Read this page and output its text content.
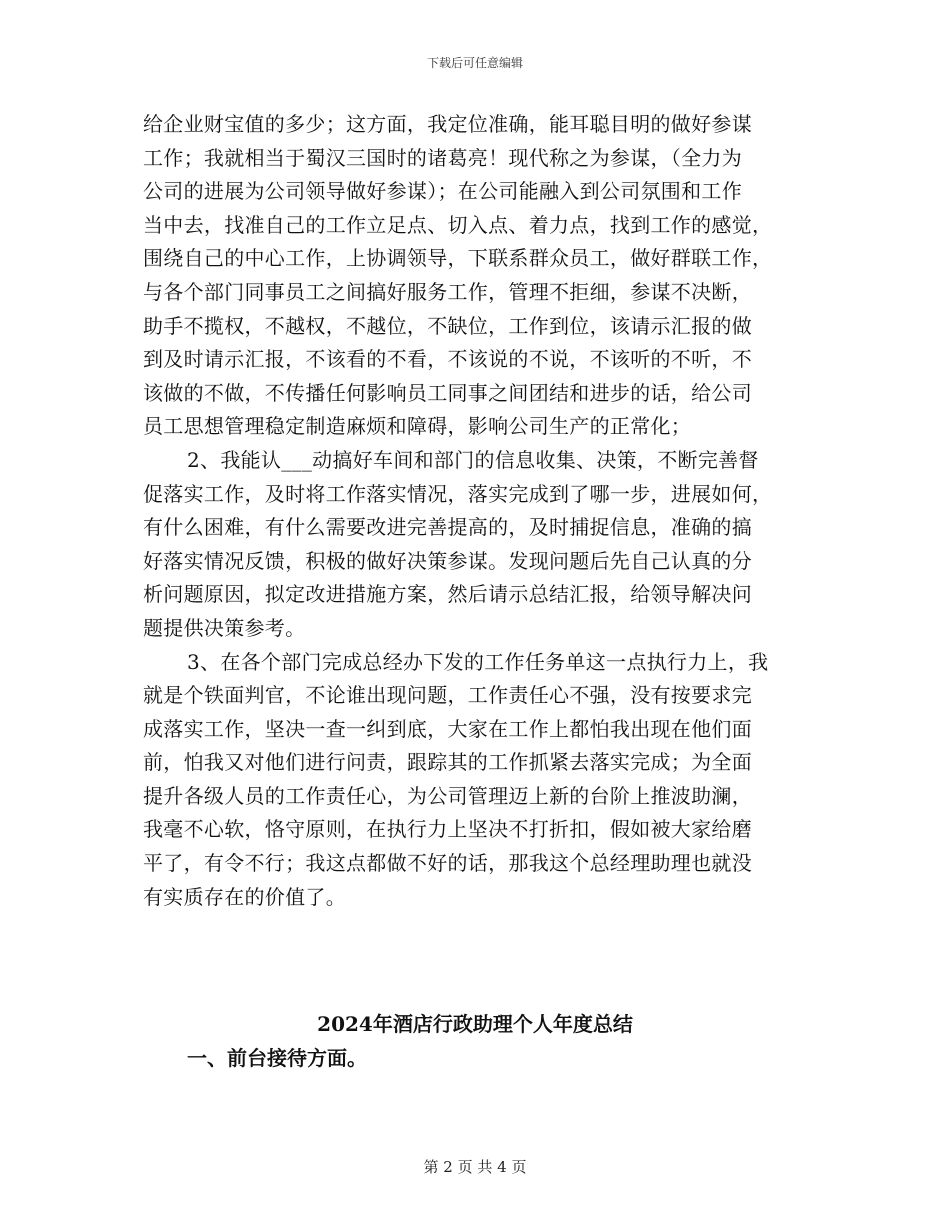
下载后可任意编辑
给企业财宝值的多少；这方面，我定位准确，能耳聪目明的做好参谋
工作；我就相当于蜀汉三国时的诸葛亮！现代称之为参谋，（全力为
公司的进展为公司领导做好参谋）；在公司能融入到公司氛围和工作
当中去，找准自己的工作立足点、切入点、着力点，找到工作的感觉，
围绕自己的中心工作，上协调领导，下联系群众员工，做好群联工作，
与各个部门同事员工之间搞好服务工作，管理不拒细，参谋不决断，
助手不揽权，不越权，不越位，不缺位，工作到位，该请示汇报的做
到及时请示汇报，不该看的不看，不该说的不说，不该听的不听，不
该做的不做，不传播任何影响员工同事之间团结和进步的话，给公司
员工思想管理稳定制造麻烦和障碍，影响公司生产的正常化；
2、我能认___动搞好车间和部门的信息收集、决策，不断完善督
促落实工作，及时将工作落实情况，落实完成到了哪一步，进展如何，
有什么困难，有什么需要改进完善提高的，及时捕捉信息，准确的搞
好落实情况反馈，积极的做好决策参谋。发现问题后先自己认真的分
析问题原因，拟定改进措施方案，然后请示总结汇报，给领导解决问
题提供决策参考。
3、在各个部门完成总经办下发的工作任务单这一点执行力上，我
就是个铁面判官，不论谁出现问题，工作责任心不强，没有按要求完
成落实工作，坚决一查一纠到底，大家在工作上都怕我出现在他们面
前，怕我又对他们进行问责，跟踪其的工作抓紧去落实完成；为全面
提升各级人员的工作责任心，为公司管理迈上新的台阶上推波助澜，
我毫不心软，恪守原则，在执行力上坚决不打折扣，假如被大家给磨
平了，有令不行；我这点都做不好的话，那我这个总经理助理也就没
有实质存在的价值了。
2024年酒店行政助理个人年度总结
一、前台接待方面。
第 2 页 共 4 页
